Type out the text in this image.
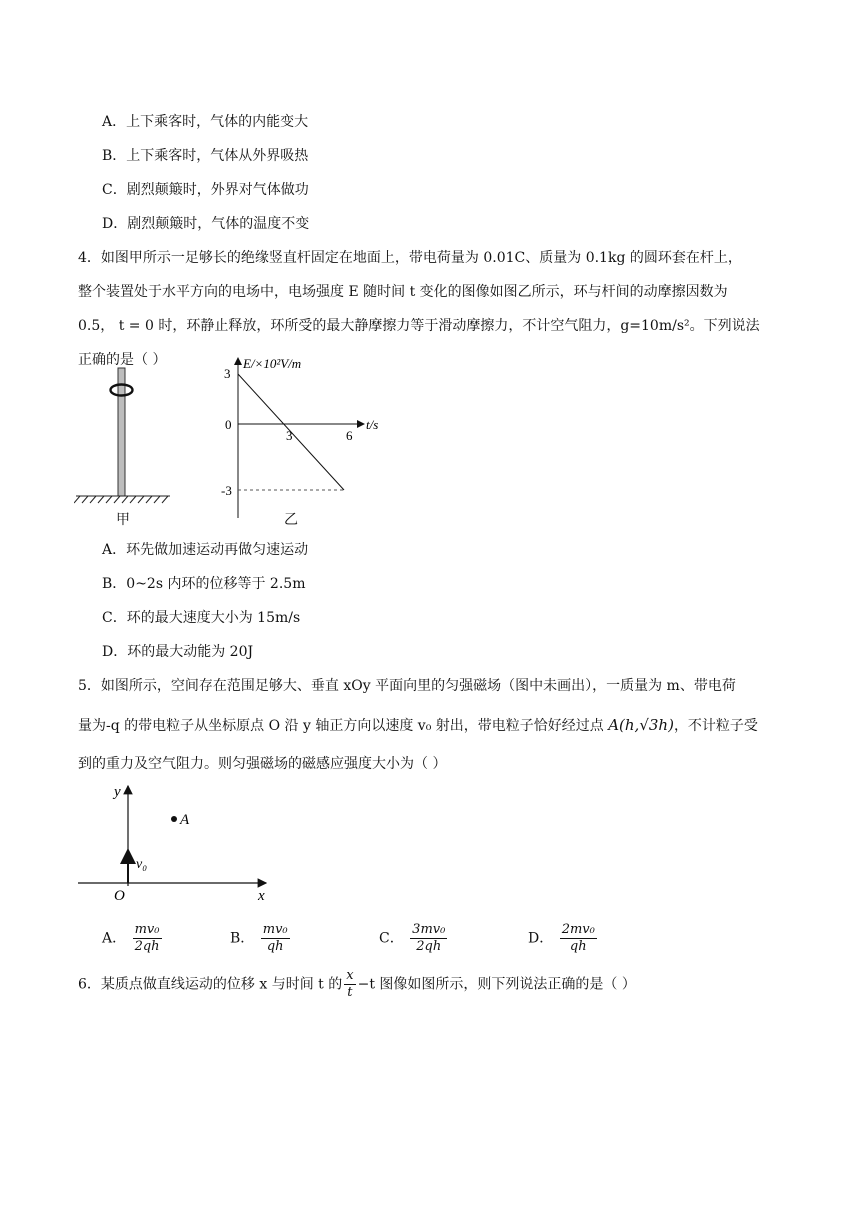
A．上下乘客时，气体的内能变大
B．上下乘客时，气体从外界吸热
C．剧烈颠簸时，外界对气体做功
D．剧烈颠簸时，气体的温度不变
4．如图甲所示一足够长的绝缘竖直杆固定在地面上，带电荷量为 0.01C、质量为 0.1kg 的圆环套在杆上，
整个装置处于水平方向的电场中，电场强度 E 随时间 t 变化的图像如图乙所示，环与杆间的动摩擦因数为
0.5， t = 0 时，环静止释放，环所受的最大静摩擦力等于滑动摩擦力，不计空气阻力，g=10m/s²。下列说法
正确的是（ ）
甲
E/×10²V/m
3
0
-3
3	6
t/s
乙
A．环先做加速运动再做匀速运动
B．0~2s 内环的位移等于 2.5m
C．环的最大速度大小为 15m/s
D．环的最大动能为 20J
5．如图所示，空间存在范围足够大、垂直 xOy 平面向里的匀强磁场（图中未画出），一质量为 m、带电荷
量为-q 的带电粒子从坐标原点 O 沿 y 轴正方向以速度 v₀ 射出，带电粒子恰好经过点 A(h,√3h)，不计粒子受
到的重力及空气阻力。则匀强磁场的磁感应强度大小为（ ）
y
x
O
A
v₀
A． $\frac{\text{mv₀}}{2qh}$	B． $\frac{\text{mv₀}}{qh}$	C． $\frac{\text{3mv₀}}{2qh}$	D． $\frac{\text{2mv₀}}{qh}$
6．某质点做直线运动的位移 x 与时间 t 的 $\frac{x}{t} -t$ 图像如图所示，则下列说法正确的是（ ）
